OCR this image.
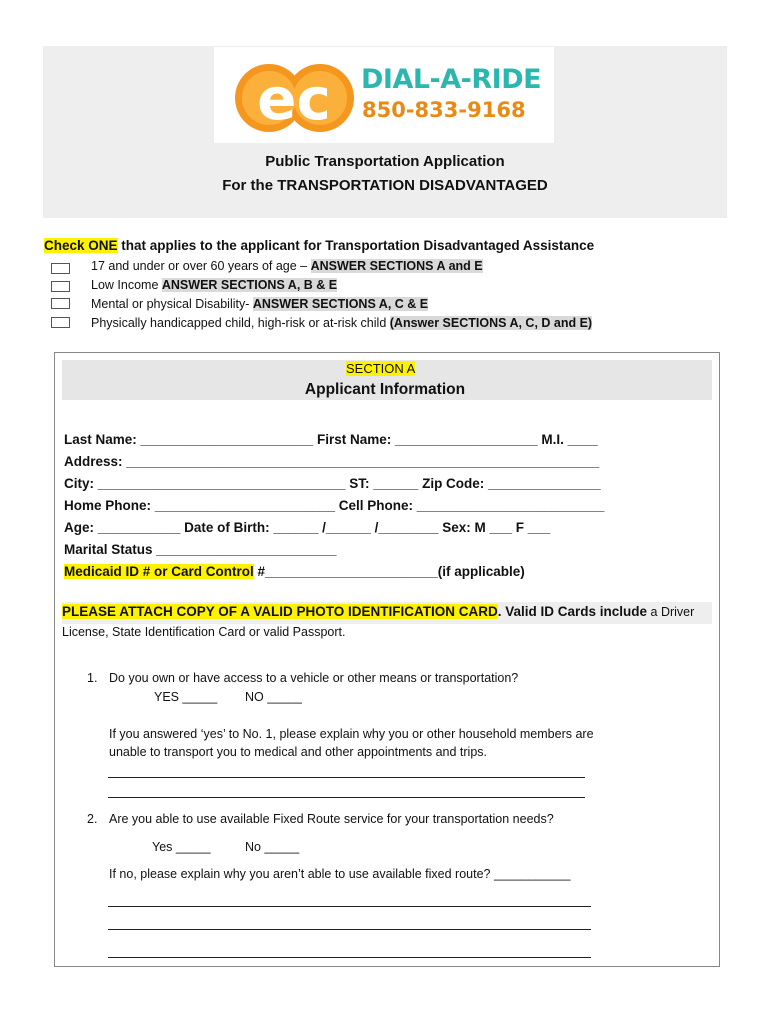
ec DIAL-A-RIDE
850-833-9168
Public Transportation Application
For the TRANSPORTATION DISADVANTAGED
Check ONE that applies to the applicant for Transportation Disadvantaged Assistance
17 and under or over 60 years of age – ANSWER SECTIONS A and E
Low Income ANSWER SECTIONS A, B & E
Mental or physical Disability- ANSWER SECTIONS A, C & E
Physically handicapped child, high-risk or at-risk child (Answer SECTIONS A, C, D and E)
SECTION A
Applicant Information
Last Name: _______________________ First Name: ___________________ M.I. ____
Address: _______________________________________________________________
City: _________________________________ ST: ______ Zip Code: _______________
Home Phone: ________________________ Cell Phone: _________________________
Age: ___________ Date of Birth: ______ /______ /________ Sex: M ___ F ___
Marital Status ________________________
Medicaid ID # or Card Control #_______________________(if applicable)
PLEASE ATTACH COPY OF A VALID PHOTO IDENTIFICATION CARD. Valid ID Cards include a Driver
License, State Identification Card or valid Passport.
1. Do you own or have access to a vehicle or other means or transportation?
YES _____ NO _____
If you answered ‘yes’ to No. 1, please explain why you or other household members are
unable to transport you to medical and other appointments and trips.
2. Are you able to use available Fixed Route service for your transportation needs?
Yes _____	No _____
If no, please explain why you aren’t able to use available fixed route? ___________
